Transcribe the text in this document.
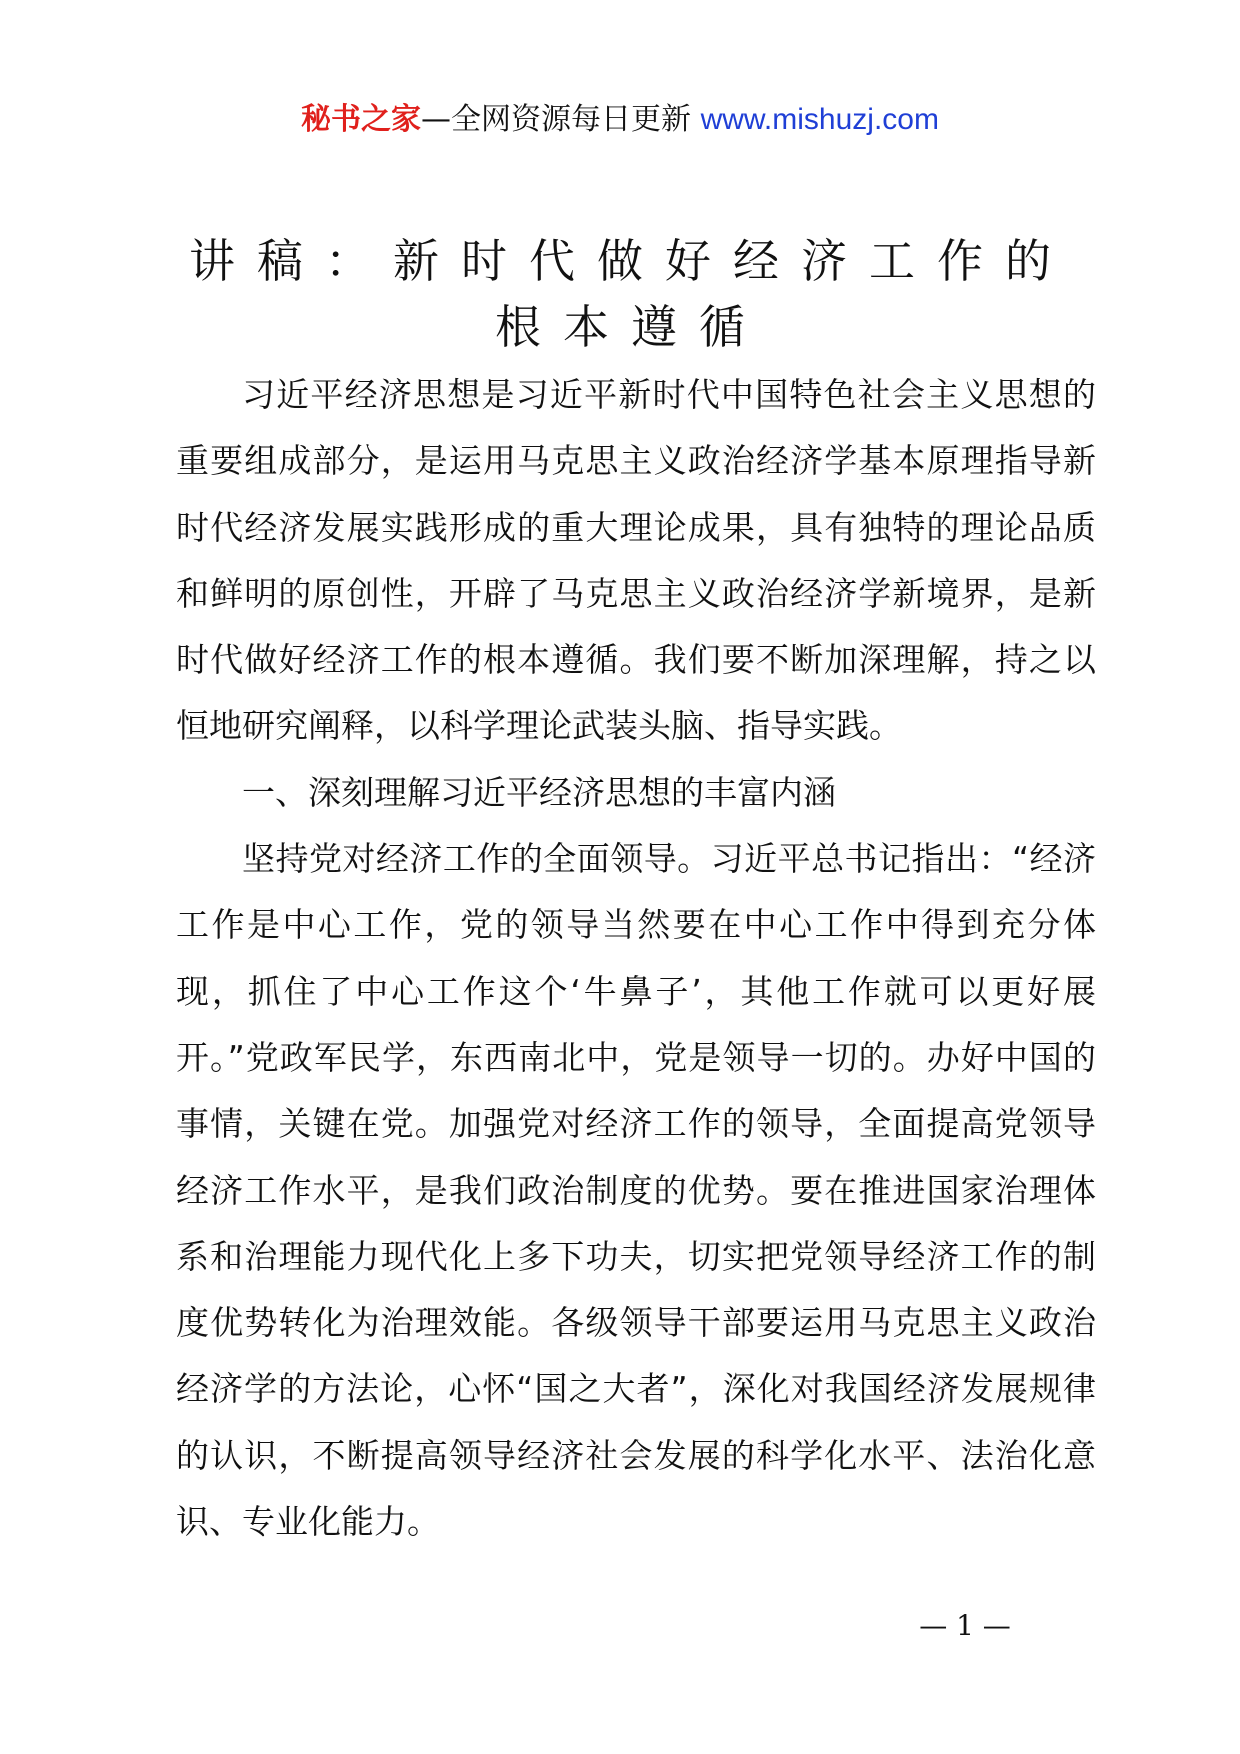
秘书之家—全网资源每日更新 www.mishuzj.com
讲稿：新时代做好经济工作的
根本遵循

习近平经济思想是习近平新时代中国特色社会主义思想的重要组成部分，是运用马克思主义政治经济学基本原理指导新时代经济发展实践形成的重大理论成果，具有独特的理论品质和鲜明的原创性，开辟了马克思主义政治经济学新境界，是新时代做好经济工作的根本遵循。我们要不断加深理解，持之以恒地研究阐释，以科学理论武装头脑、指导实践。

一、深刻理解习近平经济思想的丰富内涵

坚持党对经济工作的全面领导。习近平总书记指出：“经济工作是中心工作，党的领导当然要在中心工作中得到充分体现，抓住了中心工作这个‘牛鼻子’，其他工作就可以更好展开。”党政军民学，东西南北中，党是领导一切的。办好中国的事情，关键在党。加强党对经济工作的领导，全面提高党领导经济工作水平，是我们政治制度的优势。要在推进国家治理体系和治理能力现代化上多下功夫，切实把党领导经济工作的制度优势转化为治理效能。各级领导干部要运用马克思主义政治经济学的方法论，心怀“国之大者”，深化对我国经济发展规律的认识，不断提高领导经济社会发展的科学化水平、法治化意识、专业化能力。

— 1 —
